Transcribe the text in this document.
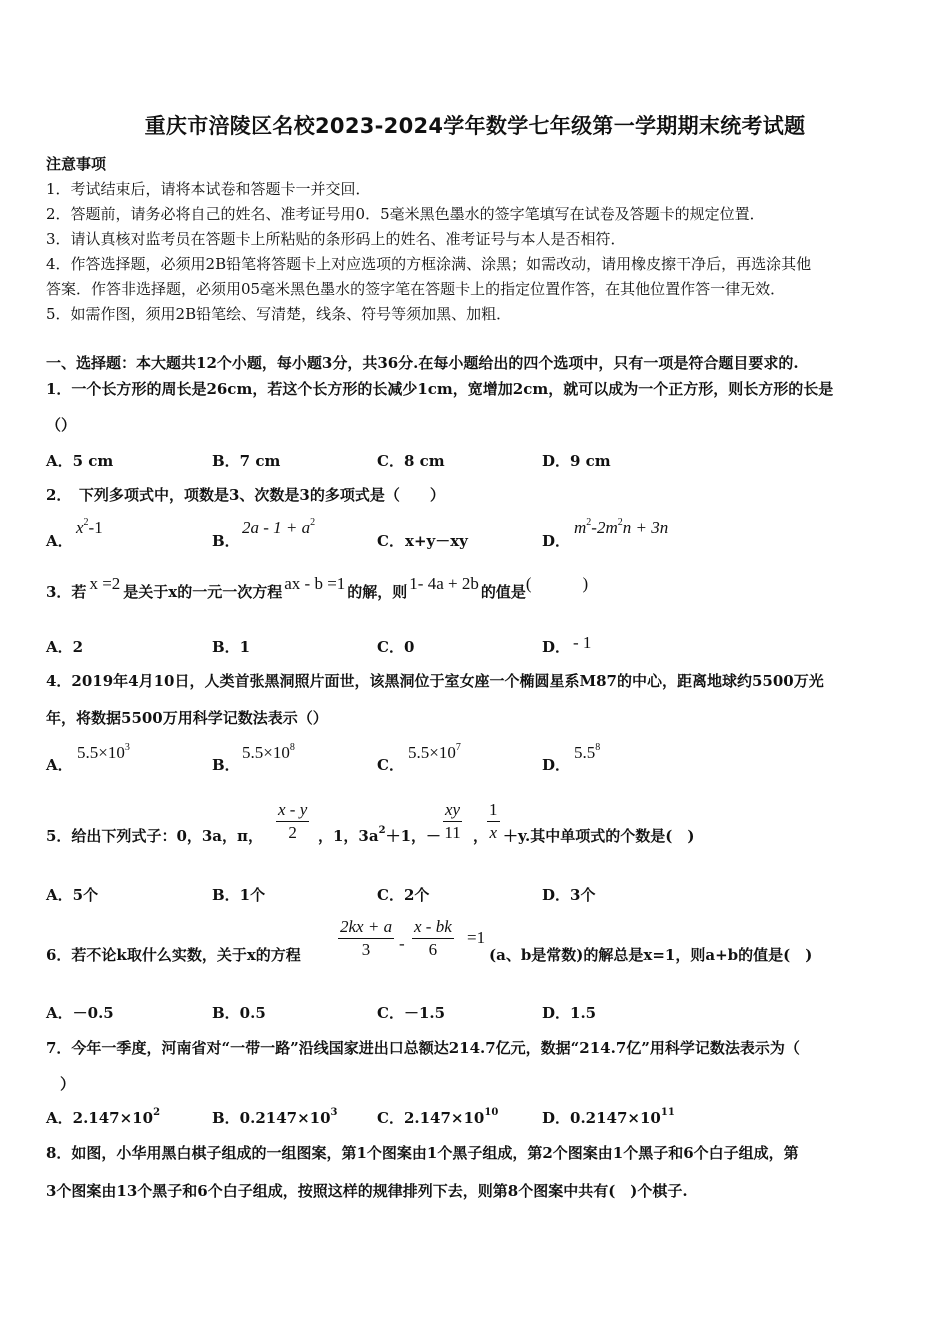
重庆市涪陵区名校2023-2024学年数学七年级第一学期期末统考试题
注意事项
1．考试结束后，请将本试卷和答题卡一并交回．
2．答题前，请务必将自己的姓名、准考证号用0．5毫米黑色墨水的签字笔填写在试卷及答题卡的规定位置．
3．请认真核对监考员在答题卡上所粘贴的条形码上的姓名、准考证号与本人是否相符．
4．作答选择题，必须用2B铅笔将答题卡上对应选项的方框涂满、涂黑；如需改动，请用橡皮擦干净后，再选涂其他
答案．作答非选择题，必须用05毫米黑色墨水的签字笔在答题卡上的指定位置作答，在其他位置作答一律无效．
5．如需作图，须用2B铅笔绘、写清楚，线条、符号等须加黑、加粗．
一、选择题：本大题共12个小题，每小题3分，共36分.在每小题给出的四个选项中，只有一项是符合题目要求的.
1．一个长方形的周长是26cm，若这个长方形的长减少1cm，宽增加2cm，就可以成为一个正方形，则长方形的长是
（）
A．5 cm	B．7 cm	C．8 cm	D．9 cm
2．　下列多项式中，项数是3、次数是3的多项式是（　　）
A．
$x^2-1$
B．
$2a - 1 + a^2$
C． x+y－xy	D．
$m^2-2m^2n + 3n$
3．若 x =2 是关于x的一元一次方程 ax - b =1 的解，则 1- 4a + 2b 的值是(　　　)
A．2	B．1	C．0	D． - 1
4．2019年4月10日，人类首张黑洞照片面世，该黑洞位于室女座一个椭圆星系M87的中心，距离地球约5500万光
年，将数据5500万用科学记数法表示（）
A．
$5.5\times 10^3$
B．
$5.5\times 10^8$
C．
$5.5\times 10^7$
D．
$5.5^8$
5．给出下列式子：0，3a，π，
x - y
2	，1，$3a^2+1$，－
xy
11 ，
1
x ＋y.其中单项式的个数是(　)
A．5个	B．1个	C．2个	D．3个
6．若不论k取什么实数，关于x的方程
2kx + a
3	-
x - bk
6
=1
(a、b是常数)的解总是x=1，则a+b的值是(　)
A．－0.5	B．0.5	C．－1.5	D．1.5
7．今年一季度，河南省对“一带一路”沿线国家进出口总额达214.7亿元，数据“214.7亿”用科学记数法表示为（
）
A．$2.147\times 10^2$	B．$0.2147\times 10^3$	C．$2.147\times 10^{10}$	D．$0.2147\times 10^{11}$
8．如图，小华用黑白棋子组成的一组图案，第1个图案由1个黑子组成，第2个图案由1个黑子和6个白子组成，第
3个图案由13个黑子和6个白子组成，按照这样的规律排列下去，则第8个图案中共有(　)个棋子.
